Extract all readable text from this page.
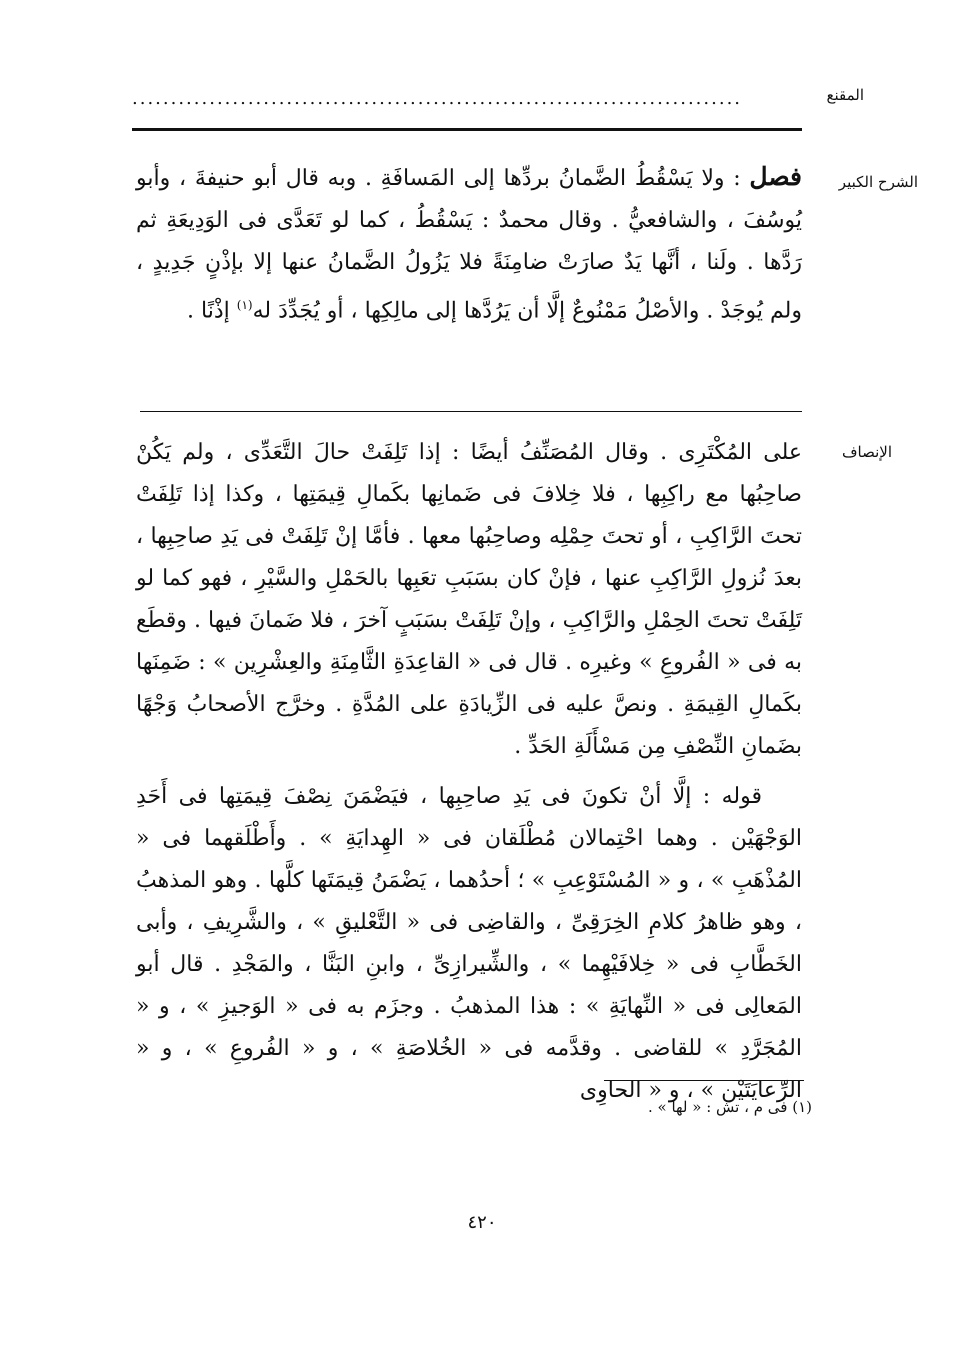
المقنع
...............................................................................
الشرح الكبير

فصل : ولا يَسْقُطُ الضَّمانُ بردِّها إلى المَسافَةِ . وبه قال أبو حنيفةَ ، وأبو يُوسُفَ ، والشافعيُّ . وقال محمدٌ : يَسْقُطُ ، كما لو تَعَدَّى فى الوَدِيعَةِ ثم رَدَّها . ولَنا ، أنَّها يَدٌ صارَتْ ضامِنَةً فلا يَزُولُ الضَّمانُ عنها إلا بإذْنٍ جَدِيدٍ ، ولم يُوجَدْ . والأصْلُ مَمْنُوعٌ إلَّا أن يَرُدَّها إلى مالِكِها ، أو يُجَدِّدَ له$^{(١)}$ إذْنًا .

الإنصاف

على المُكْتَرِى . وقال المُصَنِّفُ أيضًا : إذا تَلِفَتْ حالَ التَّعَدِّى ، ولم يَكُنْ صاحِبُها مع راكِبِها ، فلا خِلافَ فى ضَمانِها بكَمالِ قِيمَتِها ، وكذا إذا تَلِفَتْ تحتَ الرَّاكِبِ ، أو تحتَ حِمْلِه وصاحِبُها معها . فأمَّا إنْ تَلِفَتْ فى يَدِ صاحِبِها ، بعدَ نُزولِ الرَّاكِبِ عنها ، فإنْ كان بسَبَبِ تعَبِها بالحَمْلِ والسَّيْرِ ، فهو كما لو تَلِفَتْ تحتَ الحِمْلِ والرَّاكِبِ ، وإنْ تَلِفَتْ بسَبَبٍ آخرَ ، فلا ضَمانَ فيها . وقطَع به فى « الفُروعِ » وغيرِه . قال فى « القاعِدَةِ الثَّامِنَةِ والعِشْرِين » : ضَمِنَها بكَمالِ القِيمَةِ . ونصَّ عليه فى الزِّيادَةِ على المُدَّةِ . وخرَّج الأصحابُ وَجْهًا بضَمانِ النِّصْفِ مِن مَسْأَلَةِ الحَدِّ .

قوله : إلَّا أنْ تكونَ فى يَدِ صاحِبِها ، فيَضْمَنَ نِصْفَ قِيمَتِها فى أَحَدِ الوَجْهَيْن . وهما احْتِمالان مُطْلَقان فى « الهِدايَةِ » . وأَطْلَقهما فى « المُذْهَبِ » ، و « المُسْتَوْعِبِ » ؛ أحدُهما ، يَضْمَنُ قِيمَتَها كلَّها . وهو المذهبُ ، وهو ظاهرُ كلامِ الخِرَقِىِّ ، والقاضِى فى « التَّعْليقِ » ، والشَّرِيفِ ، وأبى الخَطَّابِ فى « خِلافَيْهِما » ، والشِّيرازِىِّ ، وابنِ البَنَّا ، والمَجْدِ . قال أبو المَعالِى فى « النِّهايَةِ » : هذا المذهبُ . وجزَم به فى « الوَجيزِ » ، و « المُجَرَّدِ » للقاضى . وقدَّمه فى « الخُلاصَةِ » ، و « الفُروعِ » ، و « الرِّعايَتَيْن » ، و « الحاوِى

(١) فى م ، تش : « لها » .
٤٢٠
